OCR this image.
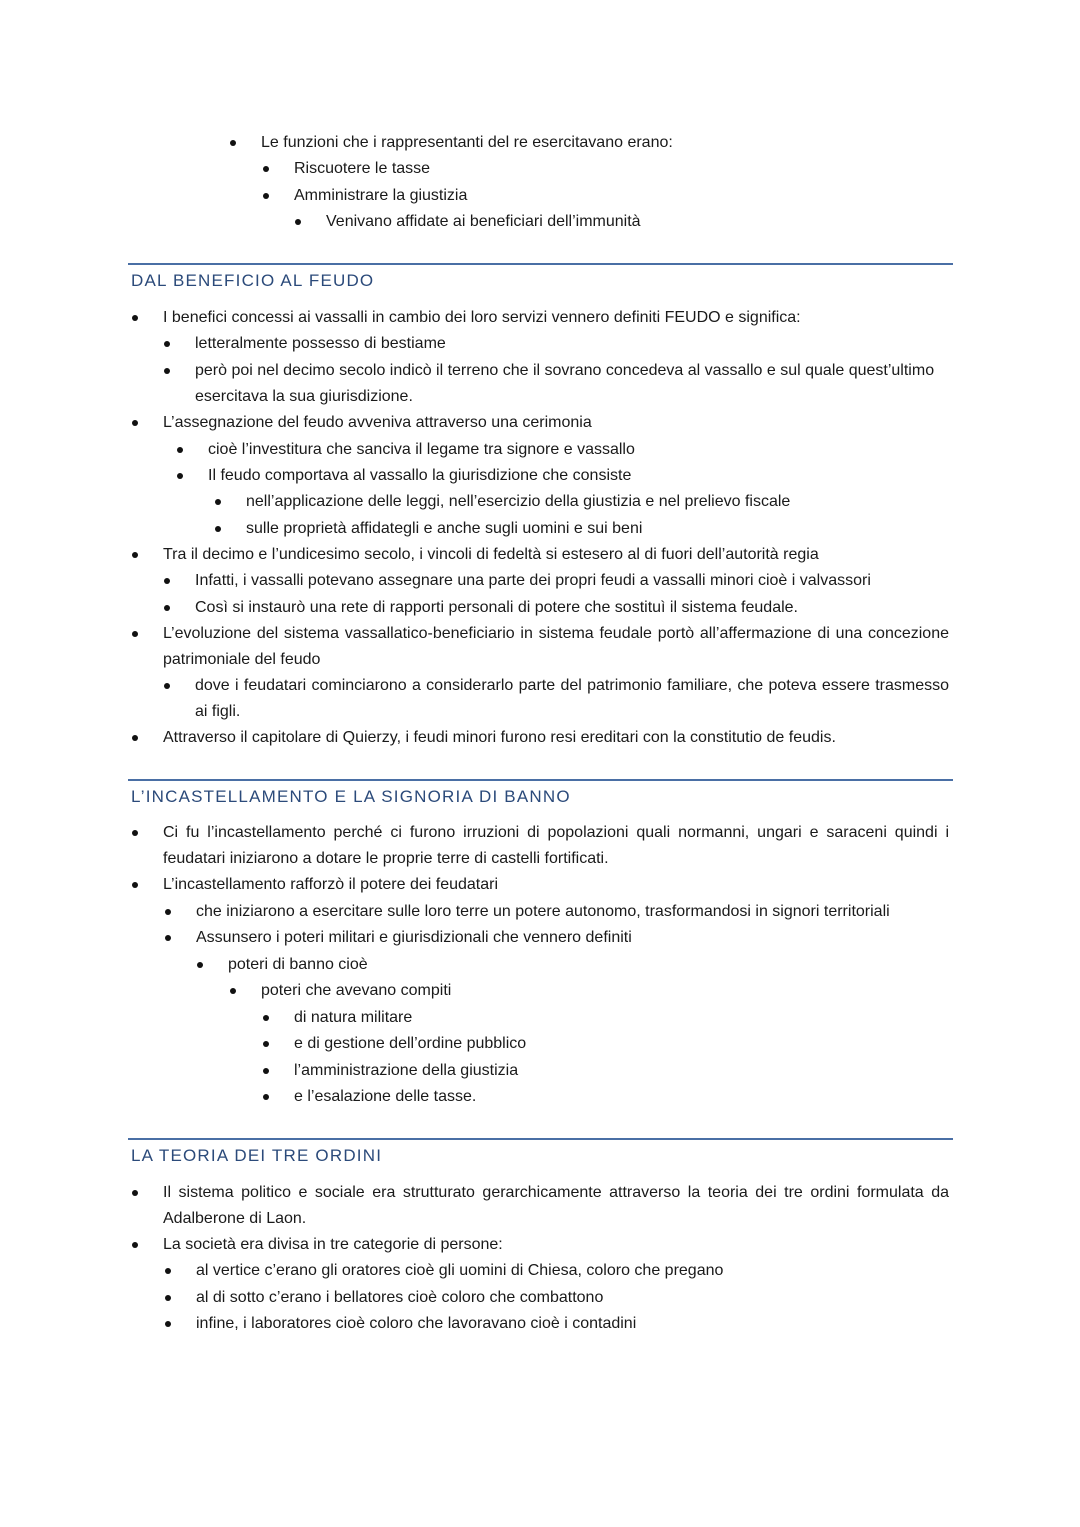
Le funzioni che i rappresentanti del re esercitavano erano:
Riscuotere le tasse
Amministrare la giustizia
Venivano affidate ai beneficiari dell’immunità
DAL BENEFICIO AL FEUDO
I benefici concessi ai vassalli in cambio dei loro servizi vennero definiti FEUDO e significa:
letteralmente possesso di bestiame
però poi nel decimo secolo indicò il terreno che il sovrano concedeva al vassallo e sul quale quest’ultimo esercitava la sua giurisdizione.
L’assegnazione del feudo avveniva attraverso una cerimonia
cioè l’investitura che sanciva il legame tra signore e vassallo
Il feudo comportava al vassallo la giurisdizione che consiste
nell’applicazione delle leggi, nell’esercizio della giustizia e nel prelievo fiscale
sulle proprietà affidategli e anche sugli uomini e sui beni
Tra il decimo e l’undicesimo secolo, i vincoli di fedeltà si estesero al di fuori dell’autorità regia
Infatti, i vassalli potevano assegnare una parte dei propri feudi a vassalli minori cioè i valvassori
Così si instaurò una rete di rapporti personali di potere che sostituì il sistema feudale.
L’evoluzione del sistema vassallatico-beneficiario in sistema feudale portò all’affermazione di una concezione patrimoniale del feudo
dove i feudatari cominciarono a considerarlo parte del patrimonio familiare, che poteva essere trasmesso ai figli.
Attraverso il capitolare di Quierzy, i feudi minori furono resi ereditari con la constitutio de feudis.
L’INCASTELLAMENTO E LA SIGNORIA DI BANNO
Ci fu l’incastellamento perché ci furono irruzioni di popolazioni quali normanni, ungari e saraceni quindi i feudatari iniziarono a dotare le proprie terre di castelli fortificati.
L’incastellamento rafforzò il potere dei feudatari
che iniziarono a esercitare sulle loro terre un potere autonomo, trasformandosi in signori territoriali
Assunsero i poteri militari e giurisdizionali che vennero definiti
poteri di banno cioè
poteri che avevano compiti
di natura militare
e di gestione dell’ordine pubblico
l’amministrazione della giustizia
e l’esalazione delle tasse.
LA TEORIA DEI TRE ORDINI
Il sistema politico e sociale era strutturato gerarchicamente attraverso la teoria dei tre ordini formulata da Adalberone di Laon.
La società era divisa in tre categorie di persone:
al vertice c’erano gli oratores cioè gli uomini di Chiesa, coloro che pregano
al di sotto c’erano i bellatores cioè coloro che combattono
infine, i laboratores cioè coloro che lavoravano cioè i contadini
